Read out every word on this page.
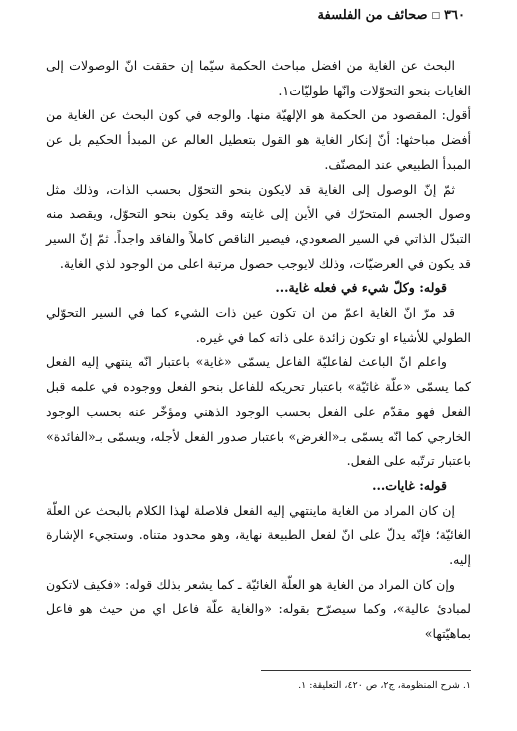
٣٦٠
□
صحائف من الفلسفة

البحث عن الغاية من افضل مباحث الحكمة سيّما إن حققت انّ الوصولات إلى الغايات بنحو التحوّلات وانّها طوليّات١.

أقول: المقصود من الحكمة هو الإلهيّة منها. والوجه في كون البحث عن الغاية من أفضل مباحثها: أنّ إنكار الغاية هو القول بتعطيل العالم عن المبدأ الحكيم بل عن المبدأ الطبيعي عند المصنّف.

ثمّ إنّ الوصول إلى الغاية قد لايكون بنحو التحوّل بحسب الذات، وذلك مثل وصول الجسم المتحرّك في الأين إلى غايته وقد يكون بنحو التحوّل، ويقصد منه التبدّل الذاتي في السير الصعودي، فيصير الناقص كاملاً والفاقد واجداً. ثمّ إنّ السير قد يكون في العرضيّات، وذلك لايوجب حصول مرتبة اعلى من الوجود لذي الغاية.

قوله: وكلّ شيء في فعله غاية...

قد مرّ انّ الغاية اعمّ من ان تكون عين ذات الشيء كما في السير التحوّلي الطولي للأشياء او تكون زائدة على ذاته كما في غيره.

واعلم انّ الباعث لفاعليّة الفاعل يسمّى «غاية» باعتبار انّه ينتهي إليه الفعل كما يسمّى «علّة غائيّة» باعتبار تحريكه للفاعل بنحو الفعل ووجوده في علمه قبل الفعل فهو مقدّم على الفعل بحسب الوجود الذهني ومؤخّر عنه بحسب الوجود الخارجي كما انّه يسمّى بـ«الغرض» باعتبار صدور الفعل لأجله، ويسمّى بـ«الفائدة» باعتبار ترتّبه على الفعل.

قوله: غايات...

إن كان المراد من الغاية ماينتهي إليه الفعل فلاصلة لهذا الكلام بالبحث عن العلّة الغائيّة؛ فإنّه يدلّ على انّ لفعل الطبيعة نهاية، وهو محدود متناه. وستجيء الإشارة إليه.

وإن كان المراد من الغاية هو العلّة الغائيّة ـ كما يشعر بذلك قوله: «فكيف لاتكون لمبادئ عالية»، وكما سيصرّح بقوله: «والغاية علّة فاعل اي من حيث هو فاعل بماهيّتها»

١. شرح المنظومة، ج٢، ص ٤٢٠، التعليقة: ١.
